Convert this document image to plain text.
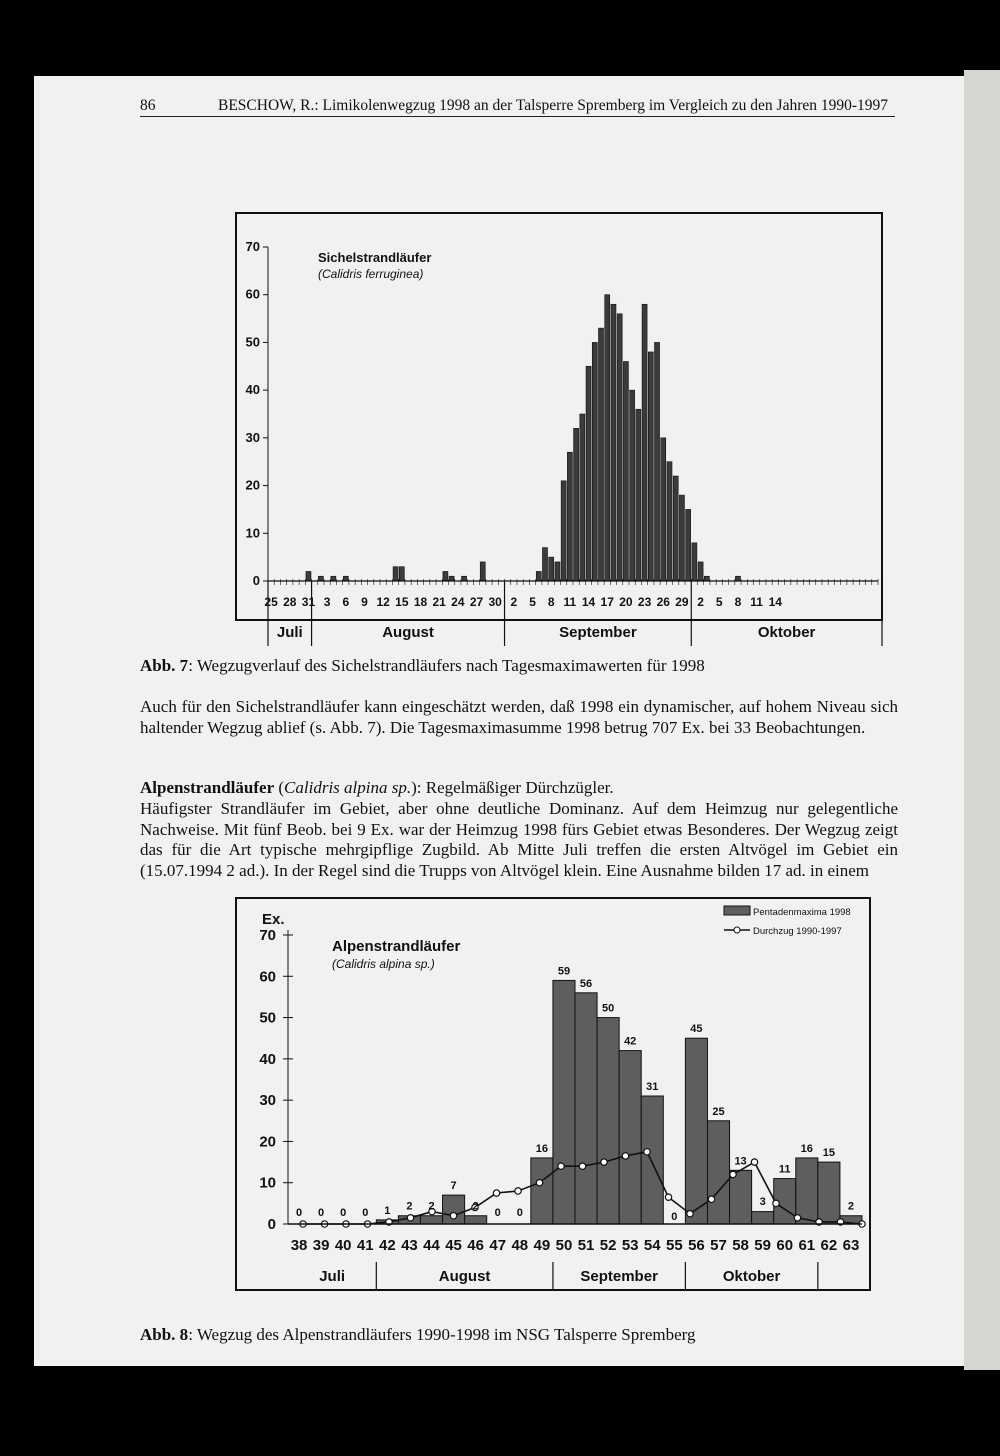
86	BESCHOW, R.: Limikolenwegzug 1998 an der Talsperre Spremberg im Vergleich zu den Jahren 1990-1997
0
10
20
30
40
50
60
70
25 28 31 3 6 9 12 15 18 21 24 27 30 2 5 8 11 14 17 20 23 26 29 2 5 8 11 14
Juli	August	September	Oktober
Sichelstrandläufer
(Calidris ferruginea)
Ex.
0
10
20
30
40
50
60
70
0 0 0 0 1 2 2
7
2
0 0
16
59
56
50
42
31
0
45
25
13
3
11
16 15
2
38 39 40 41 42 43 44 45 46 47 48 49 50 51 52 53 54 55 56 57 58 59 60 61 62 63
Juli	August	September	Oktober
Alpenstrandläufer
(Calidris alpina sp.)
Pentadenmaxima 1998
Durchzug 1990-1997
Abb. 7: Wegzugverlauf des Sichelstrandläufers nach Tagesmaximawerten für 1998
Auch für den Sichelstrandläufer kann eingeschätzt werden, daß 1998 ein dynamischer, auf hohem Niveau sich haltender Wegzug ablief (s. Abb. 7). Die Tagesmaximasumme 1998 betrug 707 Ex. bei 33 Beobachtungen.
Alpenstrandläufer (Calidris alpina sp.): Regelmäßiger Dürchzügler.
Häufigster Strandläufer im Gebiet, aber ohne deutliche Dominanz. Auf dem Heimzug nur gelegentliche Nachweise. Mit fünf Beob. bei 9 Ex. war der Heimzug 1998 fürs Gebiet etwas Besonderes. Der Wegzug zeigt das für die Art typische mehrgipflige Zugbild. Ab Mitte Juli treffen die ersten Altvögel im Gebiet ein (15.07.1994 2 ad.). In der Regel sind die Trupps von Altvögel klein. Eine Ausnahme bilden 17 ad. in einem
Abb. 8: Wegzug des Alpenstrandläufers 1990-1998 im NSG Talsperre Spremberg
